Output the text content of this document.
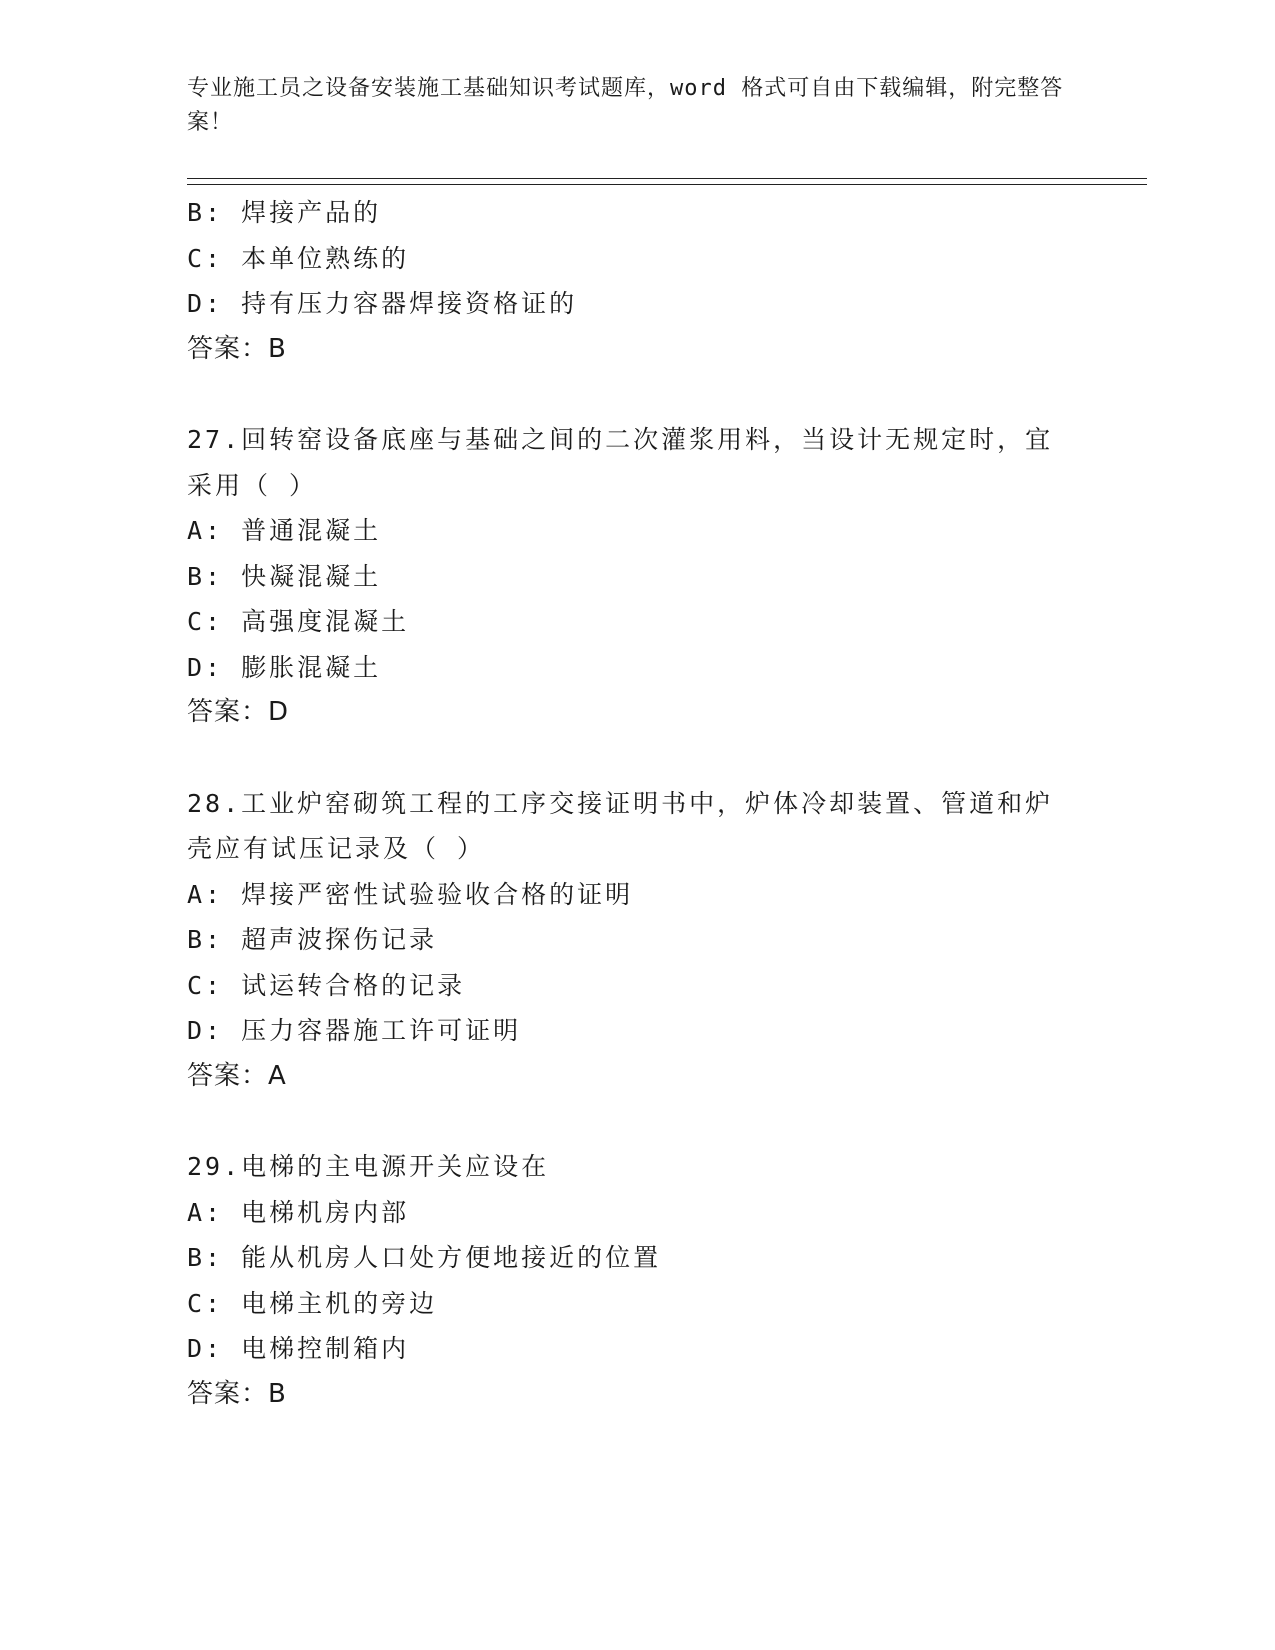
专业施工员之设备安装施工基础知识考试题库，word 格式可自由下载编辑，附完整答案！
B: 焊接产品的
C: 本单位熟练的
D: 持有压力容器焊接资格证的
答案：B
27.回转窑设备底座与基础之间的二次灌浆用料，当设计无规定时，宜
采用（ ）
A: 普通混凝土
B: 快凝混凝土
C: 高强度混凝土
D: 膨胀混凝土
答案：D
28.工业炉窑砌筑工程的工序交接证明书中，炉体冷却装置、管道和炉
壳应有试压记录及（ ）
A: 焊接严密性试验验收合格的证明
B: 超声波探伤记录
C: 试运转合格的记录
D: 压力容器施工许可证明
答案：A
29.电梯的主电源开关应设在
A: 电梯机房内部
B: 能从机房人口处方便地接近的位置
C: 电梯主机的旁边
D: 电梯控制箱内
答案：B
